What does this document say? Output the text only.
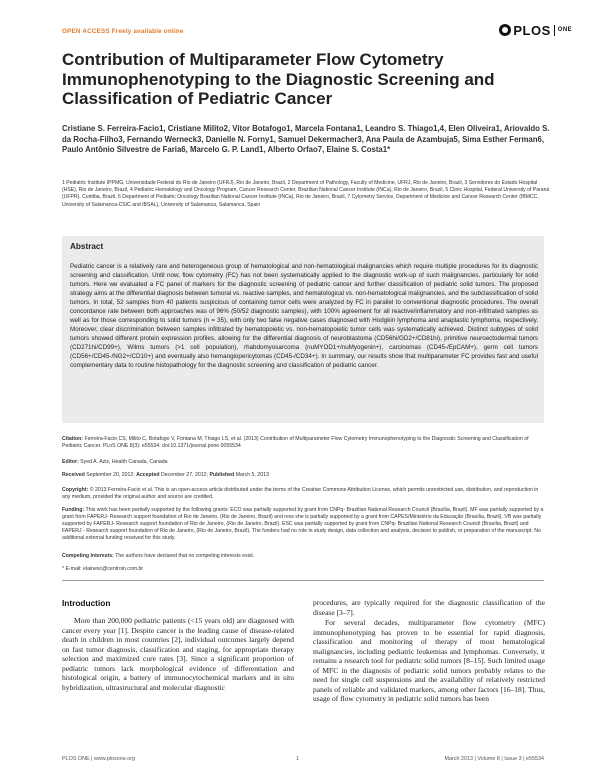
OPEN ACCESS Freely available online	PLOS ONE
Contribution of Multiparameter Flow Cytometry Immunophenotyping to the Diagnostic Screening and Classification of Pediatric Cancer
Cristiane S. Ferreira-Facio1, Cristiane Milito2, Vitor Botafogo1, Marcela Fontana1, Leandro S. Thiago1,4, Elen Oliveira1, Ariovaldo S. da Rocha-Filho3, Fernando Werneck3, Danielle N. Forny1, Samuel Dekermacher3, Ana Paula de Azambuja5, Sima Esther Ferman6, Paulo Antônio Silvestre de Faria6, Marcelo G. P. Land1, Alberto Orfao7, Elaine S. Costa1*
1 Pediatric Institute IPPMG, Universidade Federal do Rio de Janeiro (UFRJ), Rio de Janeiro, Brazil, 2 Department of Pathology, Faculty of Medicine, UFRJ, Rio de Janeiro, Brazil, 3 Servidores do Estado Hospital (HSE), Rio de Janeiro, Brazil, 4 Pediatric Hematology and Oncology Program, Cancer Research Center, Brazilian National Cancer Institute (INCa), Rio de Janeiro, Brazil, 5 Clinic Hospital, Federal University of Paraná (UFPR), Curitiba, Brazil, 6 Department of Pediatric Oncology Brazilian National Cancer Institute (INCa), Rio de Janeiro, Brazil, 7 Cytometry Service, Department of Medicine and Cancer Research Center (IBMCC, University of Salamanca-CSIC and IBSAL), University of Salamanca, Salamanca, Spain
Abstract
Pediatric cancer is a relatively rare and heterogeneous group of hematological and non-hematological malignancies which require multiple procedures for its diagnostic screening and classification. Until now, flow cytometry (FC) has not been systematically applied to the diagnostic work-up of such malignancies, particularly for solid tumors. Here we evaluated a FC panel of markers for the diagnostic screening of pediatric cancer and further classification of pediatric solid tumors. The proposed strategy aims at the differential diagnosis between tumoral vs. reactive samples, and hematological vs. non-hematological malignancies, and the subclassification of solid tumors. In total, 52 samples from 40 patients suspicious of containing tumor cells were analyzed by FC in parallel to conventional diagnostic procedures. The overall concordance rate between both approaches was of 96% (50/52 diagnostic samples), with 100% agreement for all reactive/inflammatory and non-infiltrated samples as well as for those corresponding to solid tumors (n = 35), with only two false negative cases diagnosed with Hodgkin lymphoma and anaplastic lymphoma, respectively. Moreover, clear discrimination between samples infiltrated by hematopoietic vs. non-hematopoietic tumor cells was systematically achieved. Distinct subtypes of solid tumors showed different protein expression profiles, allowing for the differential diagnosis of neuroblastoma (CD56hi/GD2+/CD81hi), primitive neuroectodermal tumors (CD271hi/CD99+), Wilms tumors (>1 cell population), rhabdomyosarcoma (nuMYOD1+/nuMyogenin+), carcinomas (CD45-/EpCAM+), germ cell tumors (CD56+/CD45-/NG2+/CD10+) and eventually also hemangiopericytomas (CD45-/CD34+). In summary, our results show that multiparameter FC provides fast and useful complementary data to routine histopathology for the diagnostic screening and classification of pediatric cancer.
Citation: Ferreira-Facio CS, Milito C, Botafogo V, Fontana M, Thiago LS, et al. (2013) Contribution of Multiparameter Flow Cytometry Immunophenotyping to the Diagnostic Screening and Classification of Pediatric Cancer. PLoS ONE 8(3): e55534. doi:10.1371/journal.pone.0055534
Editor: Syed A. Aziz, Health Canada, Canada
Received September 20, 2012; Accepted December 27, 2012; Published March 5, 2013
Copyright: © 2013 Ferreira-Facio et al. This is an open-access article distributed under the terms of the Creative Commons Attribution License, which permits unrestricted use, distribution, and reproduction in any medium, provided the original author and source are credited.
Funding: This work has been partially supported by the following grants: ECO was partially supported by grant from CNPq- Brazilian National Research Council (Brasília, Brazil). MF was partially supported by a grant from FAPERJ- Research support foundation of Rio de Janeiro, (Rio de Janeiro, Brazil) and now she is partially supported by a grant from CAPES/Ministério da Educação (Brasília, Brazil). VB was partially supported by FAPERJ- Research support foundation of Rio de Janeiro, (Rio de Janeiro, Brazil). ESC was partially supported by grant from CNPq- Brazilian National Research Council (Brasília, Brazil) and FAPERJ - Research support foundation of Rio de Janeiro, (Rio de Janeiro, Brazil). The funders had no role in study design, data collection and analysis, decision to publish, or preparation of the manuscript. No additional external funding received for this study.
Competing Interests: The authors have declared that no competing interests exist.
* E-mail: elainesc@centroin.com.br
Introduction
More than 200,000 pediatric patients (<15 years old) are diagnosed with cancer every year [1]. Despite cancer is the leading cause of disease-related death in children in most countries [2], individual outcomes largely depend on fast tumor diagnosis, classification and staging, for appropriate therapy selection and maximized cure rates [3]. Since a significant proportion of pediatric tumors lack morphological evidence of differentiation and histological origin, a battery of immunocytochemical markers and in situ hybridization, ultrastructural and molecular diagnostic
procedures, are typically required for the diagnostic classification of the disease [3–7].
For several decades, multiparameter flow cytometry (MFC) immunophenotyping has proven to be essential for rapid diagnosis, classification and monitoring of therapy of most hematological malignancies, including pediatric leukemias and lymphomas. Conversely, it remains a research tool for pediatric solid tumors [8–15]. Such limited usage of MFC in the diagnosis of pediatric solid tumors probably relates to the need for single cell suspensions and the availability of relatively restricted panels of reliable and validated markers, among other factors [16–18]. Thus, usage of flow cytometry in pediatric solid tumors has been
PLOS ONE | www.plosone.org	1	March 2013 | Volume 8 | Issue 3 | e55534
